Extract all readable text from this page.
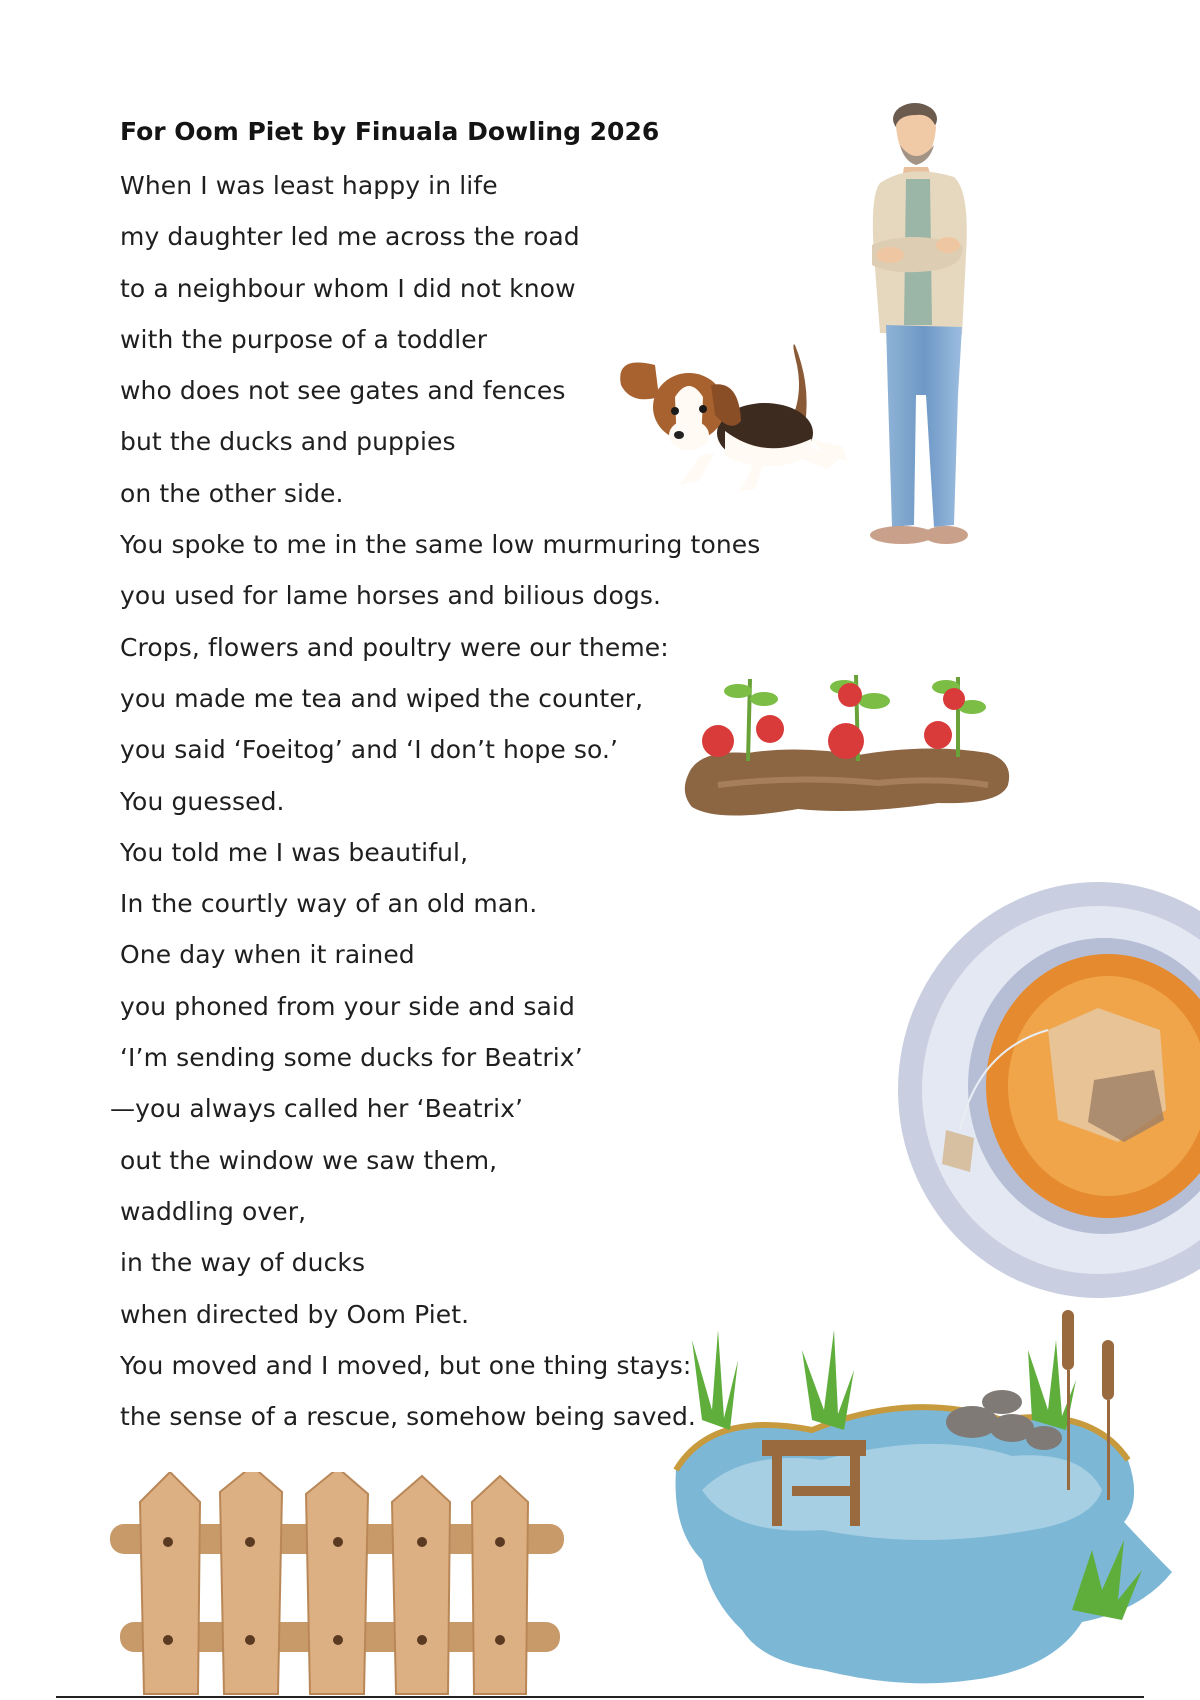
For Oom Piet by Finuala Dowling 2026
When I was least happy in life
my daughter led me across the road
to a neighbour whom I did not know
with the purpose of a toddler
who does not see gates and fences
but the ducks and puppies
on the other side.
You spoke to me in the same low murmuring tones
you used for lame horses and bilious dogs.
Crops, flowers and poultry were our theme:
you made me tea and wiped the counter,
you said ‘Foeitog’ and ‘I don’t hope so.’
You guessed.
You told me I was beautiful,
In the courtly way of an old man.
One day when it rained
you phoned from your side and said
‘I’m sending some ducks for Beatrix’
—you always called her ‘Beatrix’
out the window we saw them,
waddling over,
in the way of ducks
when directed by Oom Piet.
You moved and I moved, but one thing stays:
the sense of a rescue, somehow being saved.
